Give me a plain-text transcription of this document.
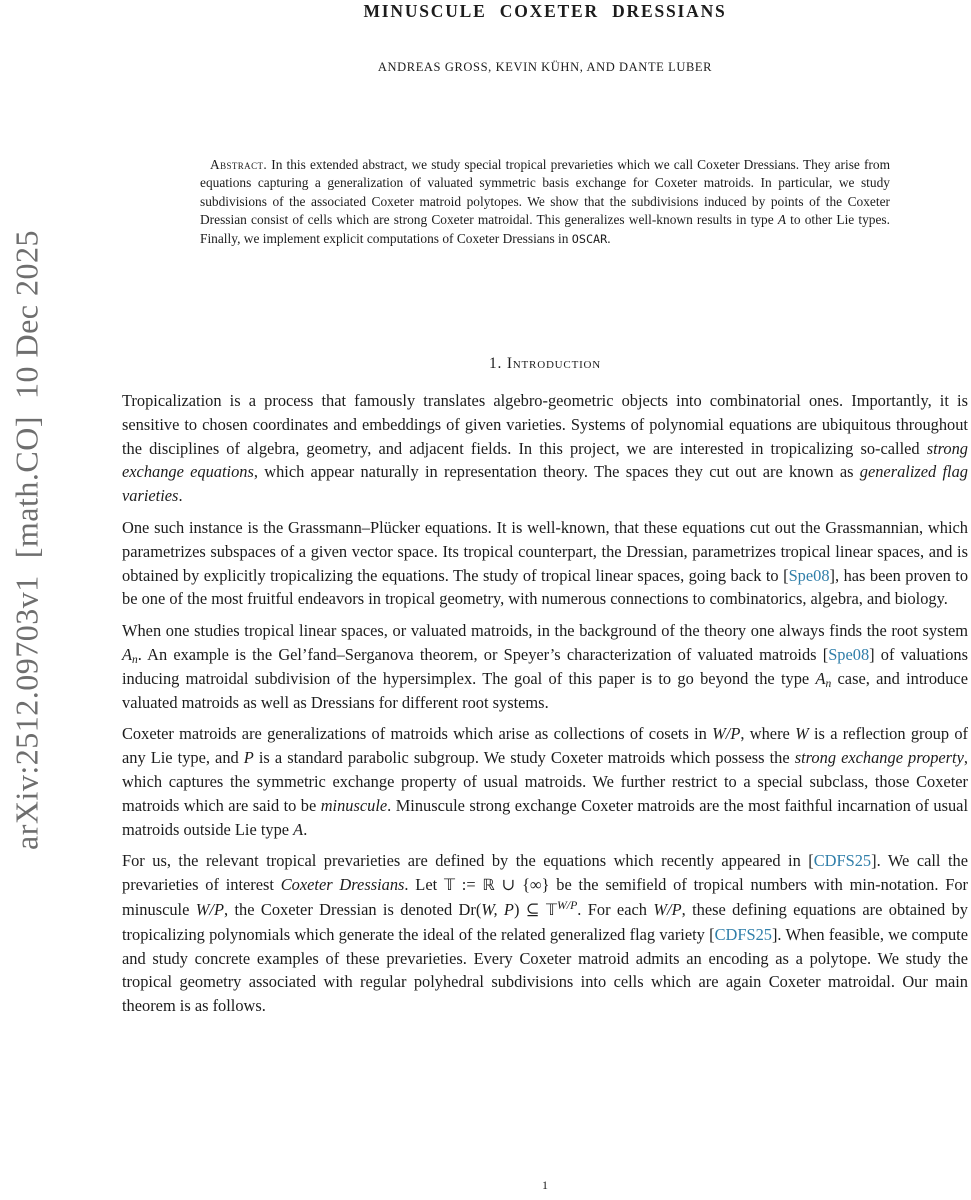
arXiv:2512.09703v1  [math.CO]  10 Dec 2025
MINUSCULE COXETER DRESSIANS
ANDREAS GROSS, KEVIN KÜHN, AND DANTE LUBER
Abstract. In this extended abstract, we study special tropical prevarieties which we call Coxeter Dressians. They arise from equations capturing a generalization of valuated symmetric basis exchange for Coxeter matroids. In particular, we study subdivisions of the associated Coxeter matroid polytopes. We show that the subdivisions induced by points of the Coxeter Dressian consist of cells which are strong Coxeter matroidal. This generalizes well-known results in type A to other Lie types. Finally, we implement explicit computations of Coxeter Dressians in OSCAR.
1. Introduction

Tropicalization is a process that famously translates algebro-geometric objects into combinatorial ones. Importantly, it is sensitive to chosen coordinates and embeddings of given varieties. Systems of polynomial equations are ubiquitous throughout the disciplines of algebra, geometry, and adjacent fields. In this project, we are interested in tropicalizing so-called strong exchange equations, which appear naturally in representation theory. The spaces they cut out are known as generalized flag varieties.

One such instance is the Grassmann–Plücker equations. It is well-known, that these equations cut out the Grassmannian, which parametrizes subspaces of a given vector space. Its tropical counterpart, the Dressian, parametrizes tropical linear spaces, and is obtained by explicitly tropicalizing the equations. The study of tropical linear spaces, going back to [Spe08], has been proven to be one of the most fruitful endeavors in tropical geometry, with numerous connections to combinatorics, algebra, and biology.

When one studies tropical linear spaces, or valuated matroids, in the background of the theory one always finds the root system An. An example is the Gel’fand–Serganova theorem, or Speyer’s characterization of valuated matroids [Spe08] of valuations inducing matroidal subdivision of the hypersimplex. The goal of this paper is to go beyond the type An case, and introduce valuated matroids as well as Dressians for different root systems.

Coxeter matroids are generalizations of matroids which arise as collections of cosets in W/P, where W is a reflection group of any Lie type, and P is a standard parabolic subgroup. We study Coxeter matroids which possess the strong exchange property, which captures the symmetric exchange property of usual matroids. We further restrict to a special subclass, those Coxeter matroids which are said to be minuscule. Minuscule strong exchange Coxeter matroids are the most faithful incarnation of usual matroids outside Lie type A.

For us, the relevant tropical prevarieties are defined by the equations which recently appeared in [CDFS25]. We call the prevarieties of interest Coxeter Dressians. Let 𝕋 := ℝ ∪ {∞} be the semifield of tropical numbers with min-notation. For minuscule W/P, the Coxeter Dressian is denoted Dr(W, P) ⊆ 𝕋$^{W/P}$. For each W/P, these defining equations are obtained by tropicalizing polynomials which generate the ideal of the related generalized flag variety [CDFS25]. When feasible, we compute and study concrete examples of these prevarieties. Every Coxeter matroid admits an encoding as a polytope. We study the tropical geometry associated with regular polyhedral subdivisions into cells which are again Coxeter matroidal. Our main theorem is as follows.

1
